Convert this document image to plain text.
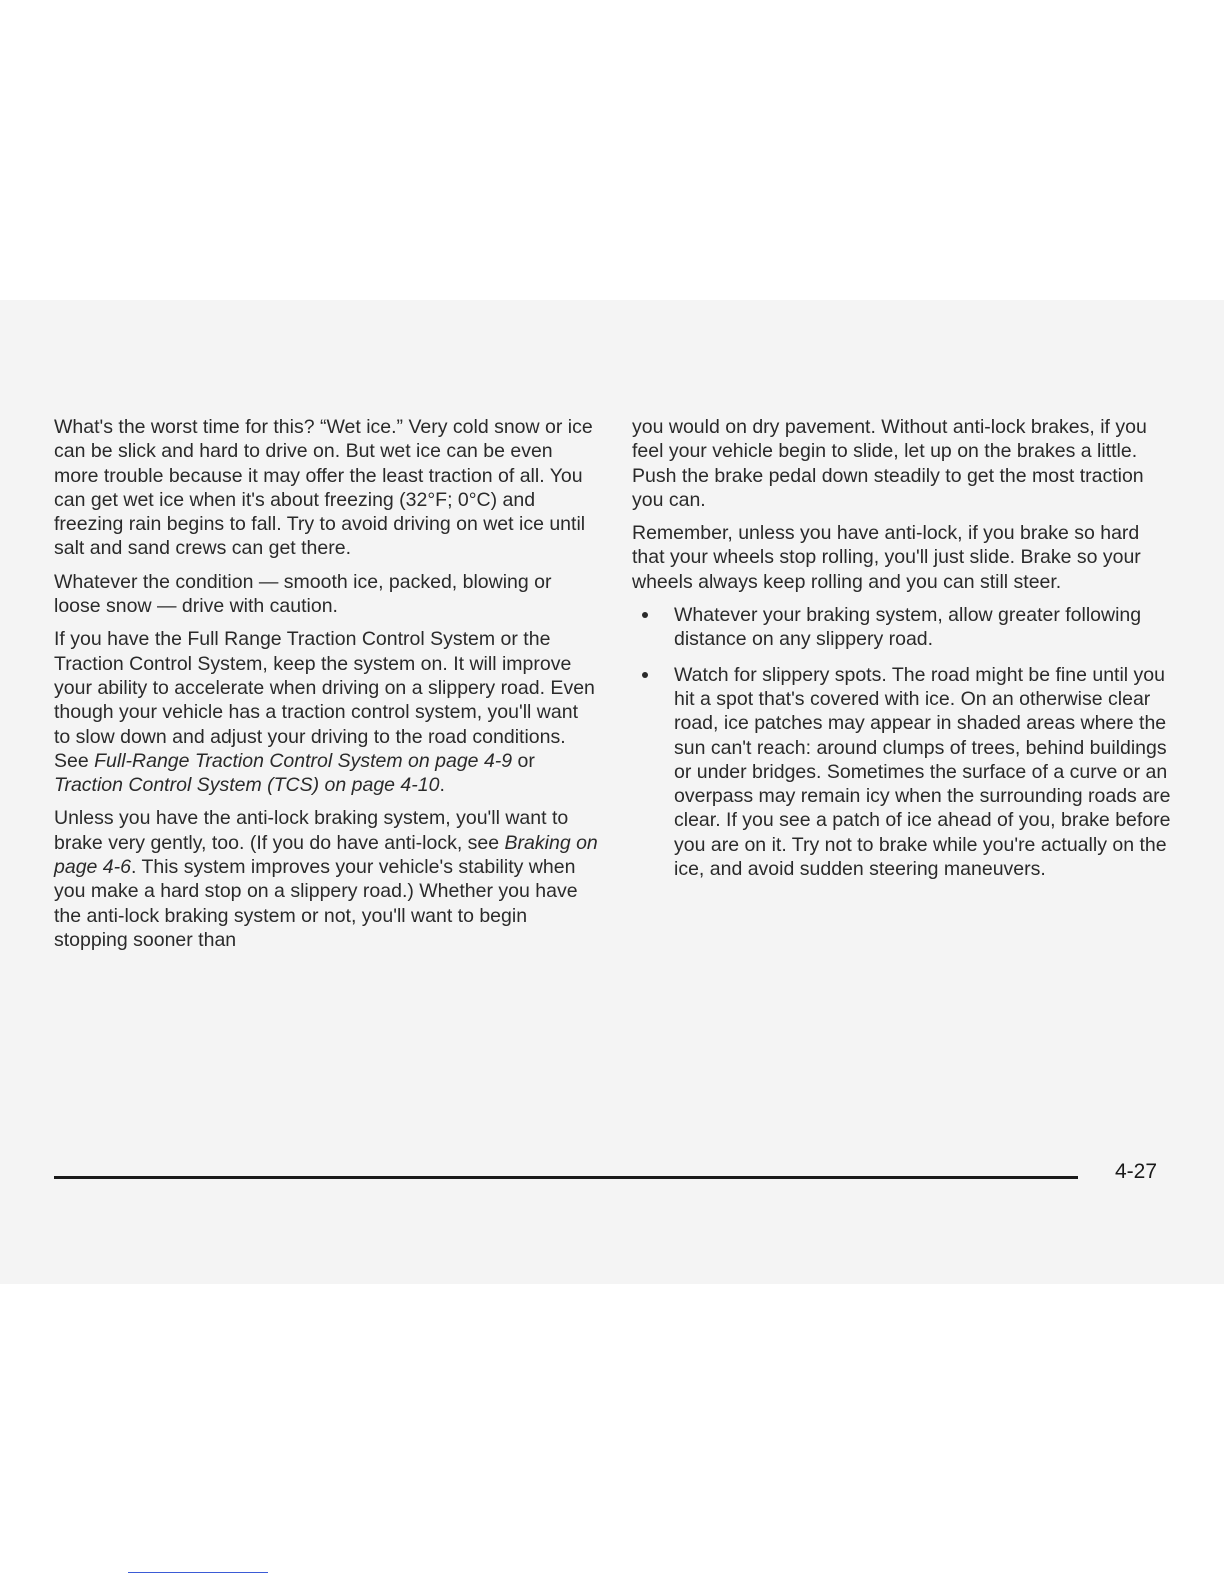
What's the worst time for this? “Wet ice.” Very cold snow or ice can be slick and hard to drive on. But wet ice can be even more trouble because it may offer the least traction of all. You can get wet ice when it's about freezing (32°F; 0°C) and freezing rain begins to fall. Try to avoid driving on wet ice until salt and sand crews can get there.

Whatever the condition — smooth ice, packed, blowing or loose snow — drive with caution.

If you have the Full Range Traction Control System or the Traction Control System, keep the system on. It will improve your ability to accelerate when driving on a slippery road. Even though your vehicle has a traction control system, you'll want to slow down and adjust your driving to the road conditions. See Full-Range Traction Control System on page 4-9 or Traction Control System (TCS) on page 4-10.

Unless you have the anti-lock braking system, you'll want to brake very gently, too. (If you do have anti-lock, see Braking on page 4-6. This system improves your vehicle's stability when you make a hard stop on a slippery road.) Whether you have the anti-lock braking system or not, you'll want to begin stopping sooner than

you would on dry pavement. Without anti-lock brakes, if you feel your vehicle begin to slide, let up on the brakes a little. Push the brake pedal down steadily to get the most traction you can.

Remember, unless you have anti-lock, if you brake so hard that your wheels stop rolling, you'll just slide. Brake so your wheels always keep rolling and you can still steer.

Whatever your braking system, allow greater following distance on any slippery road.
Watch for slippery spots. The road might be fine until you hit a spot that's covered with ice. On an otherwise clear road, ice patches may appear in shaded areas where the sun can't reach: around clumps of trees, behind buildings or under bridges. Sometimes the surface of a curve or an overpass may remain icy when the surrounding roads are clear. If you see a patch of ice ahead of you, brake before you are on it. Try not to brake while you're actually on the ice, and avoid sudden steering maneuvers.
4-27
